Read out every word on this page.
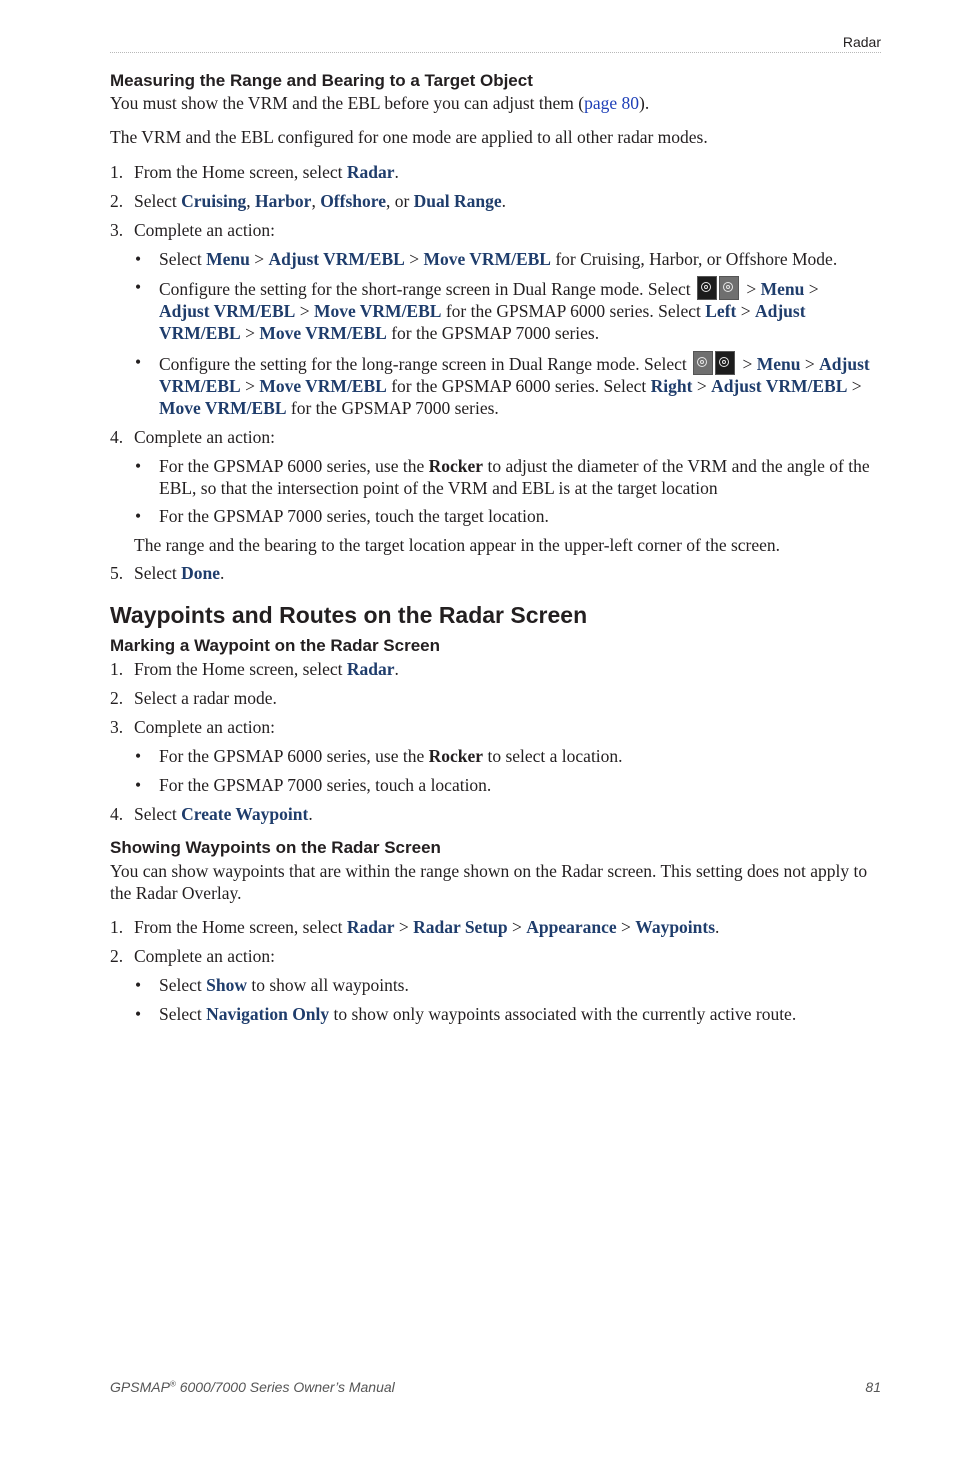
Radar
Measuring the Range and Bearing to a Target Object

You must show the VRM and the EBL before you can adjust them (page 80).

The VRM and the EBL configured for one mode are applied to all other radar modes.

1. From the Home screen, select Radar.
2. Select Cruising, Harbor, Offshore, or Dual Range.
3. Complete an action:
• Select Menu > Adjust VRM/EBL > Move VRM/EBL for Cruising, Harbor, or Offshore Mode.
• Configure the setting for the short-range screen in Dual Range mode. Select	> Menu > Adjust VRM/EBL > Move VRM/EBL for the GPSMAP 6000 series. Select Left > Adjust VRM/EBL > Move VRM/EBL for the GPSMAP 7000 series.
• Configure the setting for the long-range screen in Dual Range mode. Select	> Menu > Adjust VRM/EBL > Move VRM/EBL for the GPSMAP 6000 series. Select Right > Adjust VRM/EBL > Move VRM/EBL for the GPSMAP 7000 series.
4. Complete an action:
• For the GPSMAP 6000 series, use the Rocker to adjust the diameter of the VRM and the angle of the EBL, so that the intersection point of the VRM and EBL is at the target location
• For the GPSMAP 7000 series, touch the target location.

The range and the bearing to the target location appear in the upper-left corner of the screen.

5. Select Done.
Waypoints and Routes on the Radar Screen
Marking a Waypoint on the Radar Screen
1. From the Home screen, select Radar.
2. Select a radar mode.
3. Complete an action:
• For the GPSMAP 6000 series, use the Rocker to select a location.
• For the GPSMAP 7000 series, touch a location.
4. Select Create Waypoint.
Showing Waypoints on the Radar Screen

You can show waypoints that are within the range shown on the Radar screen. This setting does not apply to the Radar Overlay.

1. From the Home screen, select Radar > Radar Setup > Appearance > Waypoints.
2. Complete an action:
• Select Show to show all waypoints.
• Select Navigation Only to show only waypoints associated with the currently active route.
GPSMAP® 6000/7000 Series Owner’s Manual	81
